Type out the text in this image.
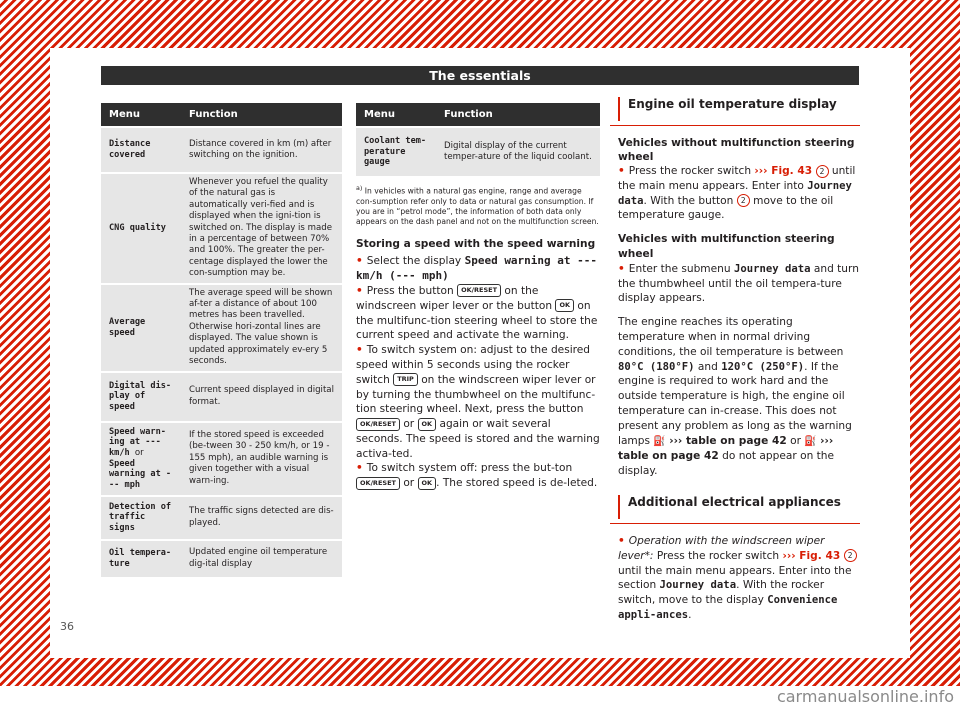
The essentials
Menu	Function
Distance covered	Distance covered in km (m) after switching on the ignition.
CNG quality	Whenever you refuel the quality of the natural gas is automatically veri-fied and is displayed when the igni-tion is switched on. The display is made in a percentage of between 70% and 100%. The greater the per-centage displayed the lower the con-sumption may be.
Average speed	The average speed will be shown af-ter a distance of about 100 metres has been travelled. Otherwise hori-zontal lines are displayed. The value shown is updated approximately ev-ery 5 seconds.
Digital dis-play of speed	Current speed displayed in digital format.
Speed warn-ing at --- km/h or Speed warning at --- mph	If the stored speed is exceeded (be-tween 30 - 250 km/h, or 19 - 155 mph), an audible warning is given together with a visual warn-ing.
Detection of traffic signs	The traffic signs detected are dis-played.
Oil tempera-ture	Updated engine oil temperature dig-ital display
Menu	Function
Coolant tem-perature gauge	Digital display of the current temper-ature of the liquid coolant.
$^{a)}$ In vehicles with a natural gas engine, range and average con-sumption refer only to data or natural gas consumption. If you are in “petrol mode”, the information of both data only appears on the dash panel and not on the multifunction screen.

Storing a speed with the speed warning

• Select the display Speed warning at --- km/h (--- mph)

• Press the button OK/RESET on the windscreen wiper lever or the button OK on the multifunc-tion steering wheel to store the current speed and activate the warning.

• To switch system on: adjust to the desired speed within 5 seconds using the rocker switch TRIP on the windscreen wiper lever or by turning the thumbwheel on the multifunc-tion steering wheel. Next, press the button OK/RESET or OK again or wait several seconds. The speed is stored and the warning activa-ted.

• To switch system off: press the but-ton OK/RESET or OK . The stored speed is de-leted.

Engine oil temperature display

Vehicles without multifunction steering wheel

• Press the rocker switch ››› Fig. 43 2 until the main menu appears. Enter into Journey data. With the button 2 move to the oil temperature gauge.

Vehicles with multifunction steering wheel

• Enter the submenu Journey data and turn the thumbwheel until the oil tempera-ture display appears.

The engine reaches its operating temperature when in normal driving conditions, the oil temperature is between 80°C (180°F) and 120°C (250°F). If the engine is required to work hard and the outside temperature is high, the engine oil temperature can in-crease. This does not present any problem as long as the warning lamps ⛽ ››› table on page 42 or ⛽ ››› table on page 42 do not appear on the display.

Additional electrical appliances

• Operation with the windscreen wiper lever*: Press the rocker switch ››› Fig. 43 2 until the main menu appears. Enter into the section Journey data. With the rocker switch, move to the display Convenience appli-ances.

36
carmanualsonline.info
